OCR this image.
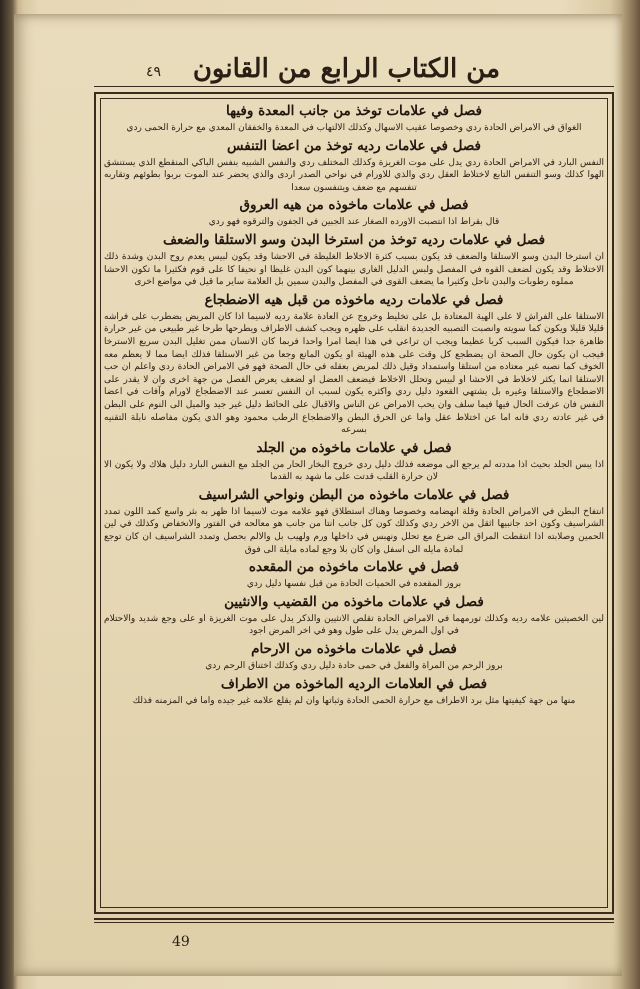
من الكتاب الرابع من القانون
٤٩
فصل في علامات توخذ من جانب المعدة وفيها

الغواق في الامراض الحادة ردي وخصوصا عقيب الاسهال وكذلك الالتهاب في المعدة والخفقان المعدي مع حرارة الحمى ردي

فصل في علامات رديه توخذ من اعضا التنفس

النفس البارد في الامراض الحادة ردي يدل على موت الغريزة وكذلك المختلف ردي والنفس الشبيه بنفس الباكي المنقطع الذي يستنشق الهوا كذلك وسو التنفس التابع لاختلاط العقل ردي والذي للاورام في نواحي الصدر اردى والذي يحضر عند الموت بربوا بطوئهم وتقاربه تنفسهم مع ضعف ويتنفسون سعدا

فصل في علامات ماخوذه من هيه العروق

قال بقراط اذا انتصبت الاورده الصغار عند الجبين في الجفون والترقوه فهو ردي

فصل في علامات رديه توخذ من استرخا البدن وسو الاستلقا والضعف

ان استرخا البدن وسو الاستلقا والضعف قد يكون بسبب كثرة الاخلاط الغليظة في الاحشا وقد يكون لبيس يعدم روح البدن وشدة ذلك الاختلاط وقد يكون لضعف القوه في المفصل ولبس الدليل الغاري بينهما كون البدن غليظا او نحيفا كا على قوم فكثيرا ما تكون الاحشا مملوه رطوبات والبدن ناحل وكثيرا ما يضعف القوى في المفصل والبدن سمين بل العلامة ساير ما قيل في مواضع اخرى

فصل في علامات رديه ماخوذه من قبل هيه الاضطجاع

الاستلقا على الفراش لا على الهية المعتادة بل على تخليط وخروج عن العادة علامة رديه لاسيما اذا كان المريض يضطرب على فراشه قليلا قليلا ويكون كما سويته وانصبت التصبيه الجديدة انقلب على ظهره ويجب كشف الاطراف ويطرحها طرحا غير طبيعي من غير حرارة ظاهرة جدا فيكون السبب كربا عظيما ويجب ان تراعي في هذا ايضا امرا واحدا فربما كان الانسان ممن تغليل البدن سريع الاسترخا فيجب ان يكون حال الصحة ان يضطجع كل وقت على هذه الهيئة او يكون المانع وجعا من غير الاستلقا فذلك ايضا مما لا يعظم معه الخوف كما نصبه غير معتاده من استلقا واستمداد وقيل ذلك لمريض بعقله في حال الصحة فهو في الامراض الحادة ردي واعلم ان حب الاستلقا انما يكثر لاخلاط في الاحشا او لبيس وتحلل الاخلاط فيضعف العضل او لضعف يعرض الفصل من جهة اخرى وان لا يقدر على الاضطجاع والاستلقا وغيره بل يشتهي القعود دليل ردي واكثره يكون لسبب ان النفس تعسر عند الاضطجاع لاورام وآفات في اعضا النفس فان عرفت الحال فيها فيما سلف وان يحب الامراض عن الناس والاقبال على الحائط دليل غير جيد والميل الى النوم على البطن في غير عادته ردي فانه اما عن اختلاط عقل واما عن الحرق البطن والاضطجاع الرطب محمود وهو الذي يكون مفاصله نابلة التقنيه بسرعه

فصل في علامات ماخوذه من الجلد

اذا يبس الجلد بحيث اذا مددته لم يرجع الى موضعه فذلك دليل ردي خروج البخار الحار من الجلد مع النفس البارد دليل هلاك ولا يكون الا لان حرارة القلب قدتت على ما شهد به القدما

فصل في علامات ماخوذه من البطن ونواحي الشراسيف

انتفاخ البطن في الامراض الحادة وقلة انهضامه وخصوصا وهناك استطلاق فهو علامه موت لاسيما اذا ظهر به بثر واسع كمد اللون تمدد الشراسيف وكون احد جانبيها اثقل من الاخر ردي وكذلك كون كل جانب انتا من جانب هو معالحه في الفتور والانخفاض وكذلك في لين الحمين وصلابته اذا انتقطت المراق الى ضرع مع تحلل ونهبس في داخلها ورم ولهيب بل والالم بحصل وتمدد الشراسيف ان كان توجع لمادة مايله الى اسفل وان كان بلا وجع لماده مايلة الى فوق

فصل في علامات ماخوذه من المقعده

بروز المقعده في الحميات الحادة من قبل نفسها دليل ردي

فصل في علامات ماخوذه من القضيب والانثيين

لين الخصيتين علامه رديه وكذلك تورمهما في الامراض الحادة تقلص الانثيين والذكر يدل على موت الغريزة او على وجع شديد والاحتلام في اول المرض يدل على طول وهو في اخر المرض اجود

فصل في علامات ماخوذه من الارحام

بروز الرحم من المراة والفعل في حمى حادة دليل ردي وكذلك اختناق الرحم ردي

فصل في العلامات الرديه الماخوذه من الاطراف

منها من جهة كيفيتها مثل برد الاطراف مع حرارة الحمى الحادة وثباتها وان لم يقلع علامه غير جيده واما في المزمنه فذلك

49
